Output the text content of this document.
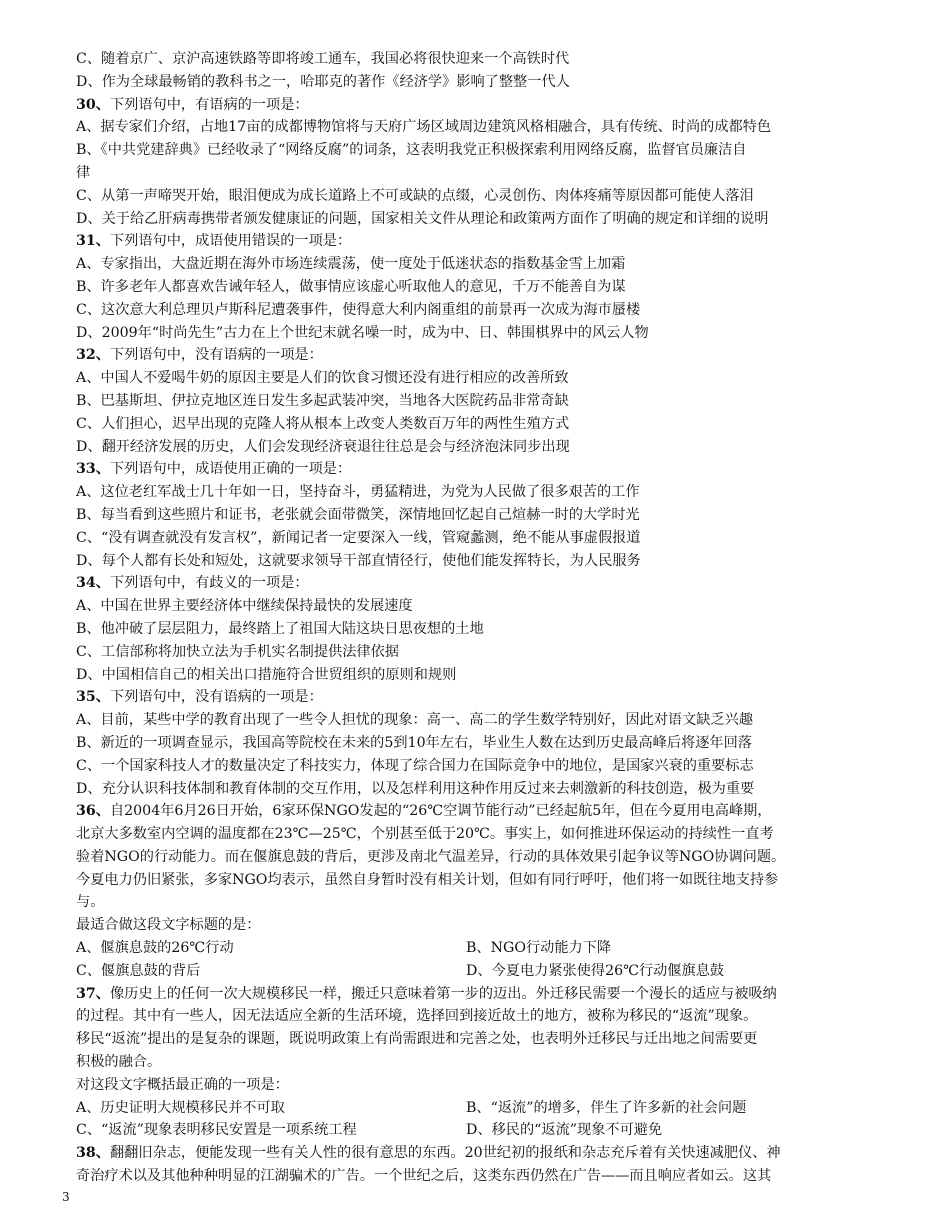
C、随着京广、京沪高速铁路等即将竣工通车，我国必将很快迎来一个高铁时代
D、作为全球最畅销的教科书之一，哈耶克的著作《经济学》影响了整整一代人
30、下列语句中，有语病的一项是：
A、据专家们介绍，占地17亩的成都博物馆将与天府广场区域周边建筑风格相融合，具有传统、时尚的成都特色
B、《中共党建辞典》已经收录了“网络反腐”的词条，这表明我党正积极探索利用网络反腐，监督官员廉洁自
律
C、从第一声啼哭开始，眼泪便成为成长道路上不可或缺的点缀，心灵创伤、肉体疼痛等原因都可能使人落泪
D、关于给乙肝病毒携带者颁发健康证的问题，国家相关文件从理论和政策两方面作了明确的规定和详细的说明
31、下列语句中，成语使用错误的一项是：
A、专家指出，大盘近期在海外市场连续震荡，使一度处于低迷状态的指数基金雪上加霜
B、许多老年人都喜欢告诫年轻人，做事情应该虚心听取他人的意见，千万不能善自为谋
C、这次意大利总理贝卢斯科尼遭袭事件，使得意大利内阁重组的前景再一次成为海市蜃楼
D、2009年“时尚先生”古力在上个世纪末就名噪一时，成为中、日、韩围棋界中的风云人物
32、下列语句中，没有语病的一项是：
A、中国人不爱喝牛奶的原因主要是人们的饮食习惯还没有进行相应的改善所致
B、巴基斯坦、伊拉克地区连日发生多起武装冲突，当地各大医院药品非常奇缺
C、人们担心，迟早出现的克隆人将从根本上改变人类数百万年的两性生殖方式
D、翻开经济发展的历史，人们会发现经济衰退往往总是会与经济泡沫同步出现
33、下列语句中，成语使用正确的一项是：
A、这位老红军战士几十年如一日，坚持奋斗，勇猛精进，为党为人民做了很多艰苦的工作
B、每当看到这些照片和证书，老张就会面带微笑，深情地回忆起自己煊赫一时的大学时光
C、“没有调查就没有发言权”，新闻记者一定要深入一线，管窥蠡测，绝不能从事虚假报道
D、每个人都有长处和短处，这就要求领导干部直情径行，使他们能发挥特长，为人民服务
34、下列语句中，有歧义的一项是：
A、中国在世界主要经济体中继续保持最快的发展速度
B、他冲破了层层阻力，最终踏上了祖国大陆这块日思夜想的土地
C、工信部称将加快立法为手机实名制提供法律依据
D、中国相信自己的相关出口措施符合世贸组织的原则和规则
35、下列语句中，没有语病的一项是：
A、目前，某些中学的教育出现了一些令人担忧的现象：高一、高二的学生数学特别好，因此对语文缺乏兴趣
B、新近的一项调查显示，我国高等院校在未来的5到10年左右，毕业生人数在达到历史最高峰后将逐年回落
C、一个国家科技人才的数量决定了科技实力，体现了综合国力在国际竞争中的地位，是国家兴衰的重要标志
D、充分认识科技体制和教育体制的交互作用，以及怎样利用这种作用反过来去刺激新的科技创造，极为重要
36、自2004年6月26日开始，6家环保NGO发起的“26℃空调节能行动”已经起航5年，但在今夏用电高峰期，
北京大多数室内空调的温度都在23℃—25℃，个别甚至低于20℃。事实上，如何推进环保运动的持续性一直考
验着NGO的行动能力。而在偃旗息鼓的背后，更涉及南北气温差异，行动的具体效果引起争议等NGO协调问题。
今夏电力仍旧紧张，多家NGO均表示，虽然自身暂时没有相关计划，但如有同行呼吁，他们将一如既往地支持参
与。
最适合做这段文字标题的是：
A、偃旗息鼓的26℃行动	B、NGO行动能力下降
C、偃旗息鼓的背后	D、今夏电力紧张使得26℃行动偃旗息鼓
37、像历史上的任何一次大规模移民一样，搬迁只意味着第一步的迈出。外迁移民需要一个漫长的适应与被吸纳
的过程。其中有一些人，因无法适应全新的生活环境，选择回到接近故土的地方，被称为移民的“返流”现象。
移民“返流”提出的是复杂的课题，既说明政策上有尚需跟进和完善之处，也表明外迁移民与迁出地之间需要更
积极的融合。
对这段文字概括最正确的一项是：
A、历史证明大规模移民并不可取	B、“返流”的增多，伴生了许多新的社会问题
C、“返流”现象表明移民安置是一项系统工程	D、移民的“返流”现象不可避免
38、翻翻旧杂志，便能发现一些有关人性的很有意思的东西。20世纪初的报纸和杂志充斥着有关快速减肥仪、神
奇治疗术以及其他种种明显的江湖骗术的广告。一个世纪之后，这类东西仍然在广告——而且响应者如云。这其
3
